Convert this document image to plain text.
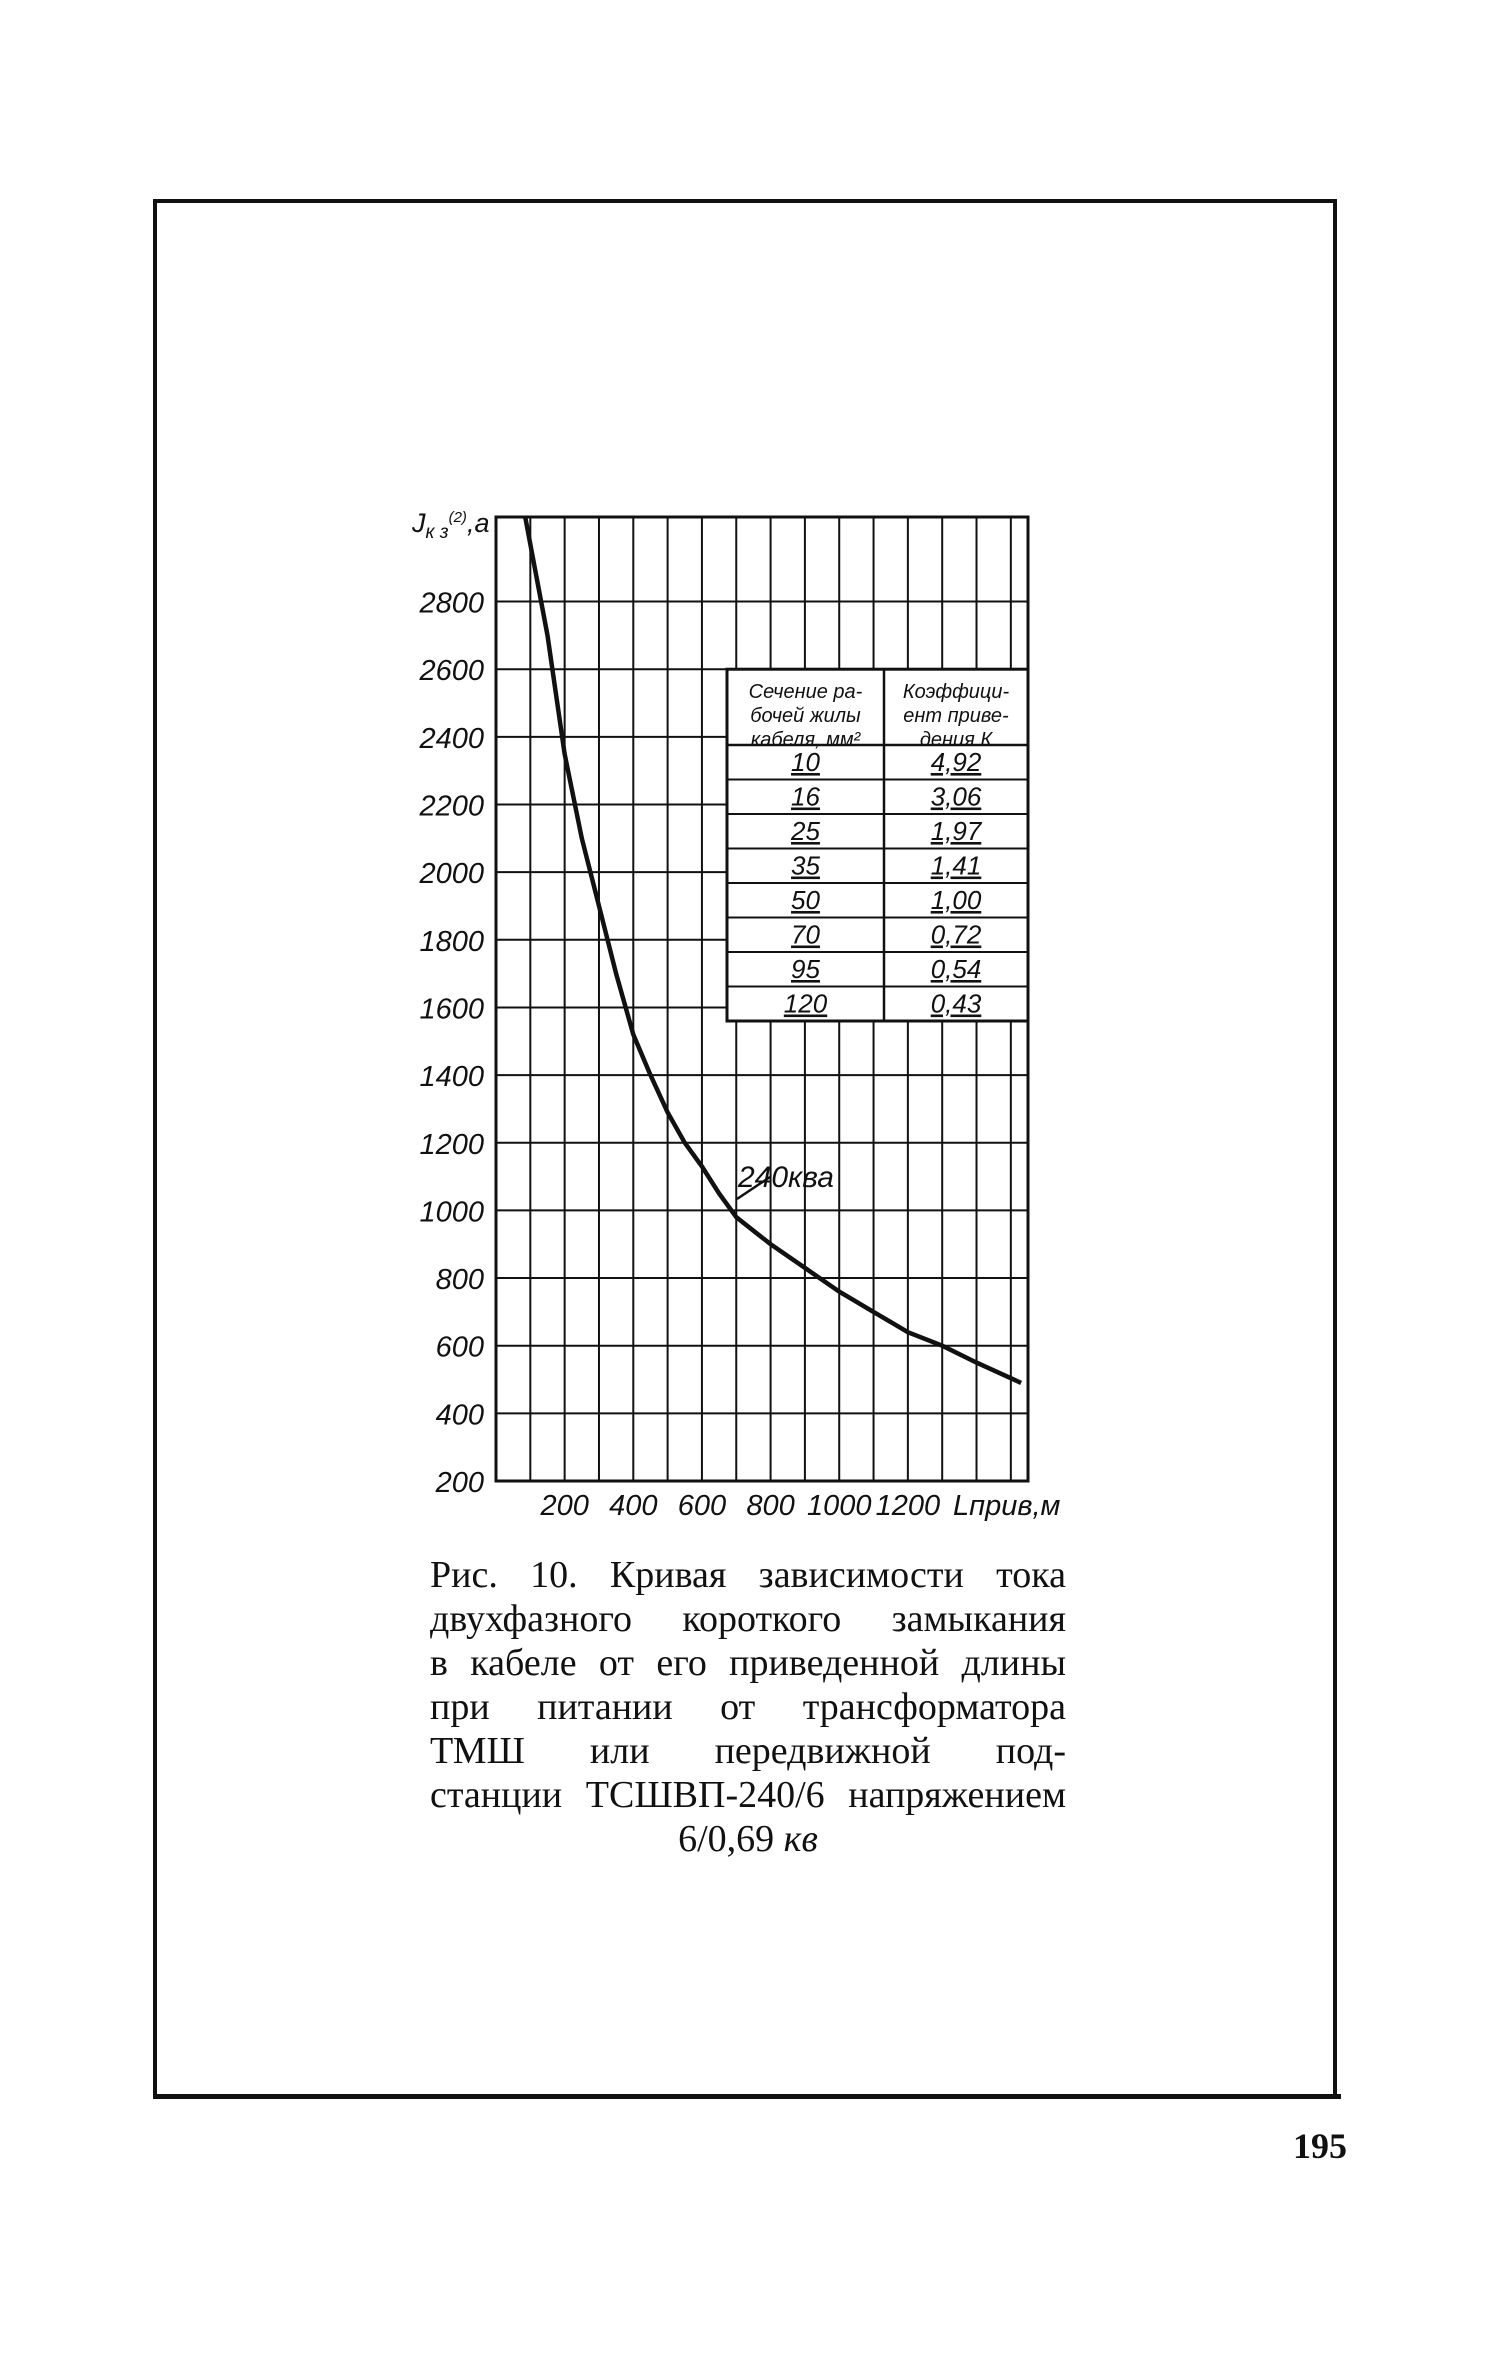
200
400
600
800
1000
1200
1400
1600
1800
2000
2200
2400
2600
2800
200 400 600 800 1000 1200
$J_{к з}^{(2)},a$
Lприв,м
240ква
Сечение ра-
бочей жилы
кабеля, мм²
Коэффици-
ент приве-
дения К
10	4,92
16	3,06
25	1,97
35	1,41
50	1,00
70	0,72
95	0,54
120	0,43
Рис. 10. Кривая зависимости тока
двухфазного короткого замыкания
в кабеле от его приведенной длины
при питании от трансформатора
ТМШ или передвижной под-
станции ТСШВП-240/6 напряжением
6/0,69 кв
195
